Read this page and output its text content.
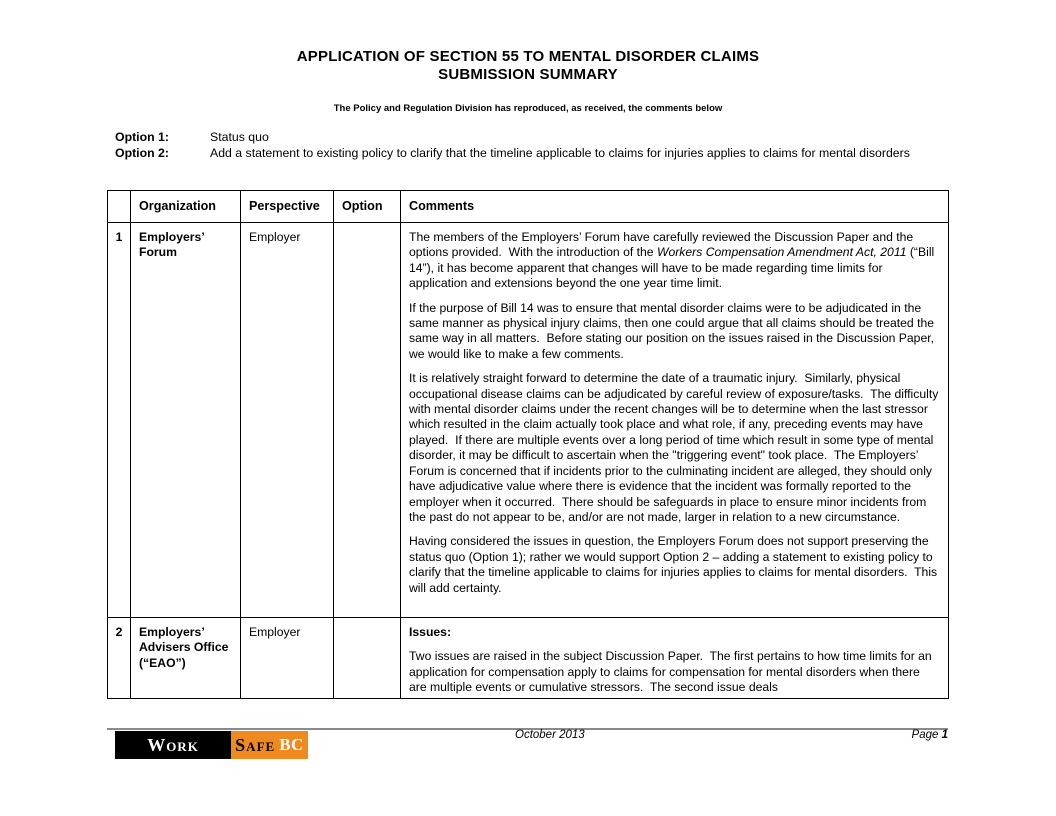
APPLICATION OF SECTION 55 TO MENTAL DISORDER CLAIMS
SUBMISSION SUMMARY
The Policy and Regulation Division has reproduced, as received, the comments below
Option 1:	Status quo
Option 2:	Add a statement to existing policy to clarify that the timeline applicable to claims for injuries applies to claims for mental disorders
	Organization	Perspective	Option	Comments
1	Employers’ Forum	Employer		The members of the Employers’ Forum have carefully reviewed the Discussion Paper and the options provided.  With the introduction of the Workers Compensation Amendment Act, 2011 (“Bill 14”), it has become apparent that changes will have to be made regarding time limits for application and extensions beyond the one year time limit.

If the purpose of Bill 14 was to ensure that mental disorder claims were to be adjudicated in the same manner as physical injury claims, then one could argue that all claims should be treated the same way in all matters.  Before stating our position on the issues raised in the Discussion Paper, we would like to make a few comments.

It is relatively straight forward to determine the date of a traumatic injury.  Similarly, physical occupational disease claims can be adjudicated by careful review of exposure/tasks.  The difficulty with mental disorder claims under the recent changes will be to determine when the last stressor which resulted in the claim actually took place and what role, if any, preceding events may have played.  If there are multiple events over a long period of time which result in some type of mental disorder, it may be difficult to ascertain when the "triggering event" took place.  The Employers’ Forum is concerned that if incidents prior to the culminating incident are alleged, they should only have adjudicative value where there is evidence that the incident was formally reported to the employer when it occurred.  There should be safeguards in place to ensure minor incidents from the past do not appear to be, and/or are not made, larger in relation to a new circumstance.

Having considered the issues in question, the Employers Forum does not support preserving the status quo (Option 1); rather we would support Option 2 – adding a statement to existing policy to clarify that the timeline applicable to claims for injuries applies to claims for mental disorders.  This will add certainty.

2	Employers’ Advisers Office (“EAO”)	Employer		Issues:

Two issues are raised in the subject Discussion Paper.  The first pertains to how time limits for an application for compensation apply to claims for compensation for mental disorders when there are multiple events or cumulative stressors.  The second issue deals

Work Safe BC	October 2013	Page 1
